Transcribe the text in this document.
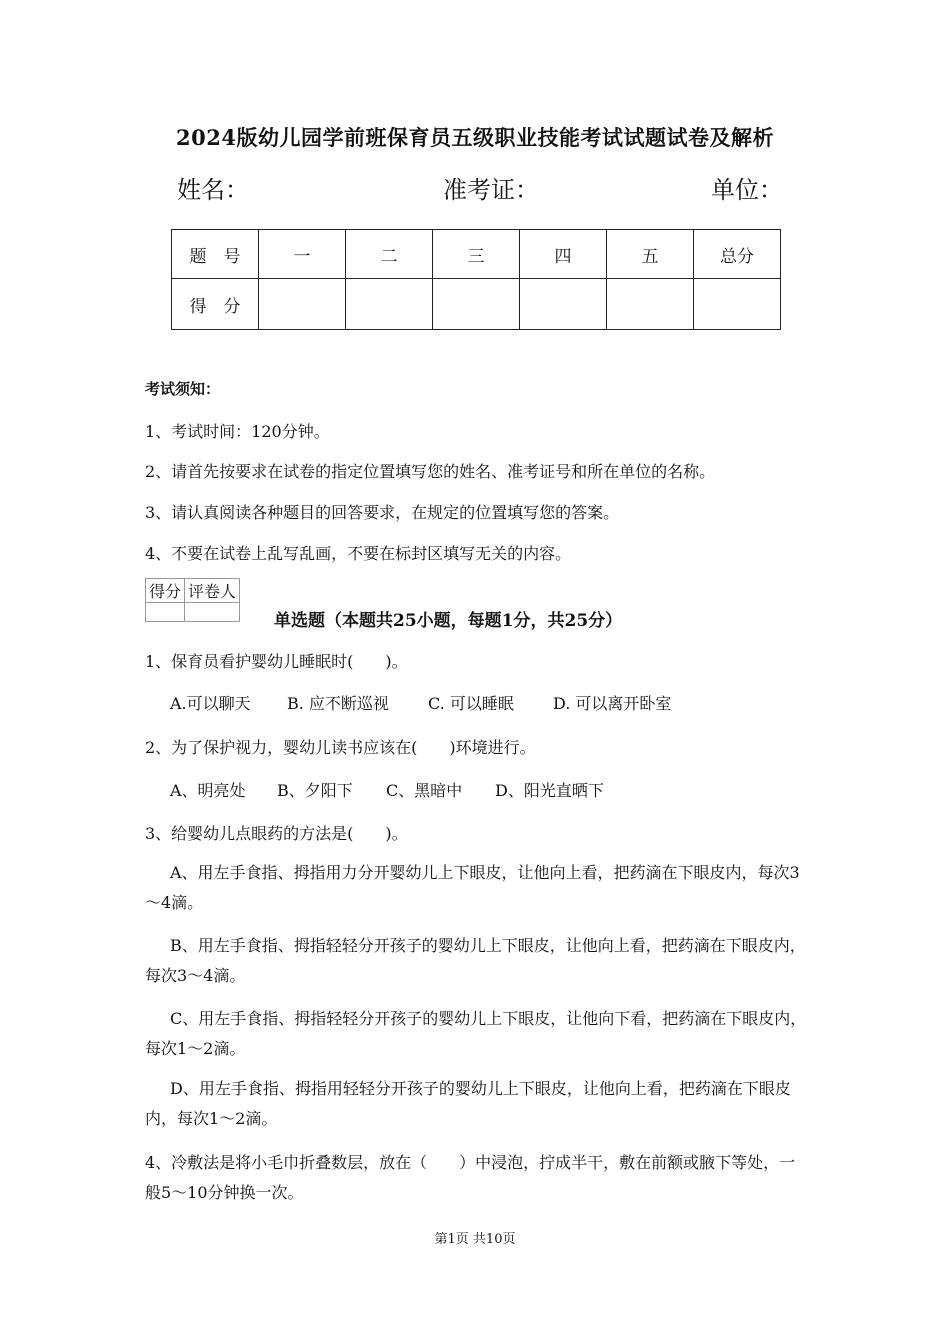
2024版幼儿园学前班保育员五级职业技能考试试题试卷及解析
姓名：	准考证：	单位：
题　号	一	二	三	四	五	总分
得　分						
考试须知：
1、考试时间：120分钟。
2、请首先按要求在试卷的指定位置填写您的姓名、准考证号和所在单位的名称。
3、请认真阅读各种题目的回答要求，在规定的位置填写您的答案。
4、不要在试卷上乱写乱画，不要在标封区填写无关的内容。
得分	评卷人

单选题（本题共25小题，每题1分，共25分）
1、保育员看护婴幼儿睡眠时(　　)。
A.可以聊天 B. 应不断巡视 C. 可以睡眠 D. 可以离开卧室
2、为了保护视力，婴幼儿读书应该在(　　)环境进行。
A、明亮处 B、夕阳下 C、黑暗中 D、阳光直晒下
3、给婴幼儿点眼药的方法是(　　)。
A、用左手食指、拇指用力分开婴幼儿上下眼皮，让他向上看，把药滴在下眼皮内，每次3～4滴。
B、用左手食指、拇指轻轻分开孩子的婴幼儿上下眼皮，让他向上看，把药滴在下眼皮内，每次3～4滴。
C、用左手食指、拇指轻轻分开孩子的婴幼儿上下眼皮，让他向下看，把药滴在下眼皮内，每次1～2滴。
D、用左手食指、拇指用轻轻分开孩子的婴幼儿上下眼皮，让他向上看，把药滴在下眼皮内，每次1～2滴。
4、冷敷法是将小毛巾折叠数层，放在（　　）中浸泡，拧成半干，敷在前额或腋下等处，一般5～10分钟换一次。
第1页 共10页
